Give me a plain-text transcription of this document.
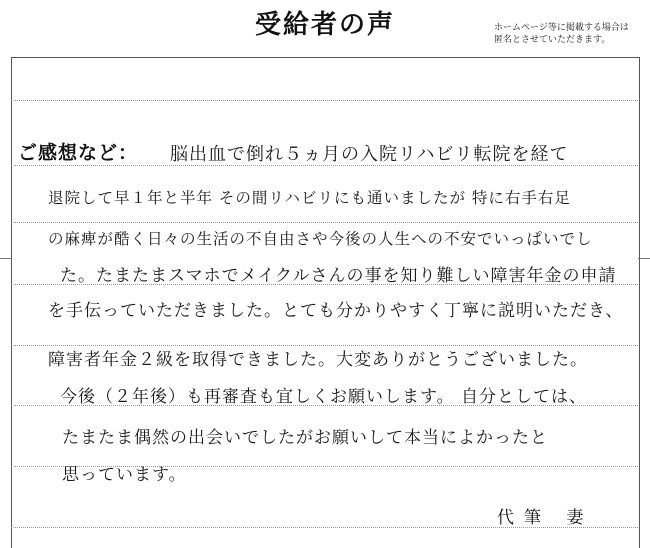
受給者の声	ホームページ等に掲載する場合は
匿名とさせていただきます。
ご感想など： 脳出血で倒れ５ヵ月の入院リハビリ転院を経て
退院して早１年と半年 その間リハビリにも通いましたが 特に右手右足
の麻痺が酷く日々の生活の不自由さや今後の人生への不安でいっぱいでし
た。たまたまスマホでメイクルさんの事を知り難しい障害年金の申請
を手伝っていただきました。とても分かりやすく丁寧に説明いただき、
障害者年金２級を取得できました。大変ありがとうございました。
今後（２年後）も再審査も宜しくお願いします。 自分としては、
たまたま偶然の出会いでしたがお願いして本当によかったと
思っています。
代筆 妻
